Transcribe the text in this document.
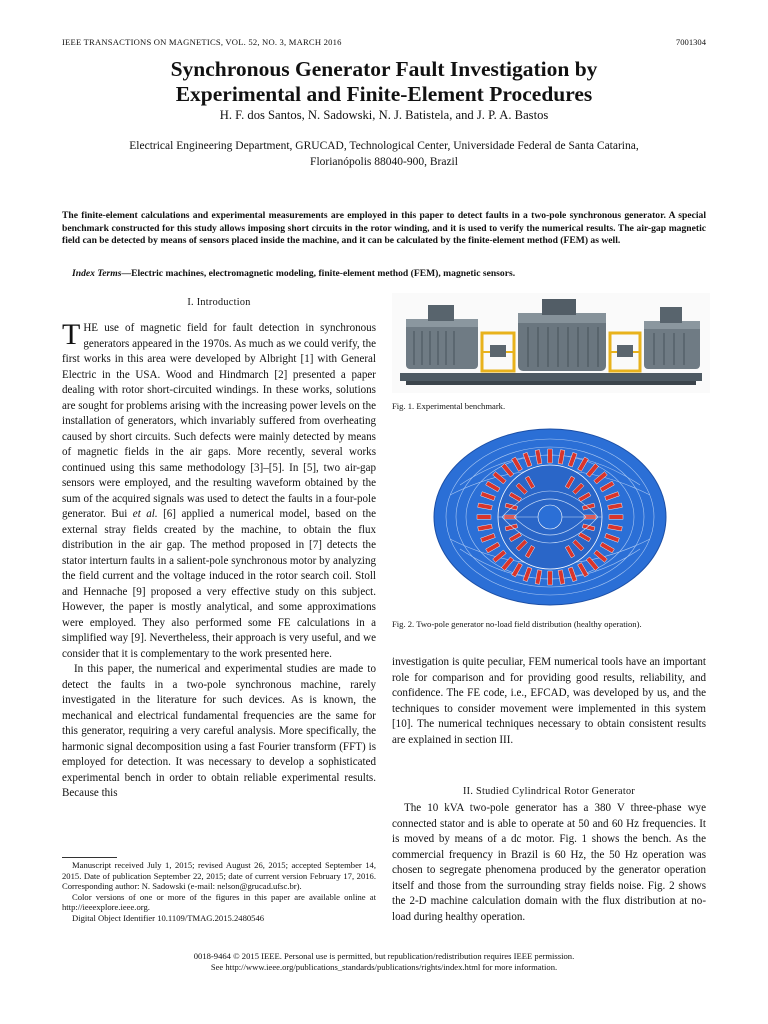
IEEE TRANSACTIONS ON MAGNETICS, VOL. 52, NO. 3, MARCH 2016	7001304
Synchronous Generator Fault Investigation by
Experimental and Finite-Element Procedures
H. F. dos Santos, N. Sadowski, N. J. Batistela, and J. P. A. Bastos
Electrical Engineering Department, GRUCAD, Technological Center, Universidade Federal de Santa Catarina,
Florianópolis 88040-900, Brazil
The finite-element calculations and experimental measurements are employed in this paper to detect faults in a two-pole synchronous generator. A special benchmark constructed for this study allows imposing short circuits in the rotor winding, and it is used to verify the numerical results. The air-gap magnetic field can be detected by means of sensors placed inside the machine, and it can be calculated by the finite-element method (FEM) as well.
Index Terms—Electric machines, electromagnetic modeling, finite-element method (FEM), magnetic sensors.
I. Introduction

THE use of magnetic field for fault detection in synchronous generators appeared in the 1970s. As much as we could verify, the first works in this area were developed by Albright [1] with General Electric in the USA. Wood and Hindmarch [2] presented a paper dealing with rotor short-circuited windings. In these works, solutions are sought for problems arising with the increasing power levels on the installation of generators, which invariably suffered from overheating caused by short circuits. Such defects were mainly detected by means of magnetic fields in the air gaps. More recently, several works continued using this same methodology [3]–[5]. In [5], two air-gap sensors were employed, and the resulting waveform obtained by the sum of the acquired signals was used to detect the faults in a four-pole generator. Bui et al. [6] applied a numerical model, based on the external stray fields created by the machine, to obtain the flux distribution in the air gap. The method proposed in [7] detects the stator interturn faults in a salient-pole synchronous motor by analyzing the field current and the voltage induced in the rotor search coil. Stoll and Hennache [9] proposed a very effective study on this subject. However, the paper is mostly analytical, and some approximations were employed. They also performed some FE calculations in a simplified way [9]. Nevertheless, their approach is very useful, and we consider that it is complementary to the work presented here.

In this paper, the numerical and experimental studies are made to detect the faults in a two-pole synchronous machine, rarely investigated in the literature for such devices. As is known, the mechanical and electrical fundamental frequencies are the same for this generator, requiring a very careful analysis. More specifically, the harmonic signal decomposition using a fast Fourier transform (FFT) is employed for detection. It was necessary to develop a sophisticated experimental bench in order to obtain reliable experimental results. Because this

Manuscript received July 1, 2015; revised August 26, 2015; accepted September 14, 2015. Date of publication September 22, 2015; date of current version February 17, 2016. Corresponding author: N. Sadowski (e-mail: nelson@grucad.ufsc.br).

Color versions of one or more of the figures in this paper are available online at http://ieeexplore.ieee.org.

Digital Object Identifier 10.1109/TMAG.2015.2480546

Fig. 1. Experimental benchmark.
Fig. 2. Two-pole generator no-load field distribution (healthy operation).

investigation is quite peculiar, FEM numerical tools have an important role for comparison and for providing good results, reliability, and confidence. The FE code, i.e., EFCAD, was developed by us, and the techniques to consider movement were implemented in this system [10]. The numerical techniques necessary to obtain consistent results are explained in section III.

II. Studied Cylindrical Rotor Generator

The 10 kVA two-pole generator has a 380 V three-phase wye connected stator and is able to operate at 50 and 60 Hz frequencies. It is moved by means of a dc motor. Fig. 1 shows the bench. As the commercial frequency in Brazil is 60 Hz, the 50 Hz operation was chosen to segregate phenomena produced by the generator operation itself and those from the surrounding stray fields noise. Fig. 2 shows the 2-D machine calculation domain with the flux distribution at no-load during healthy operation.

0018-9464 © 2015 IEEE. Personal use is permitted, but republication/redistribution requires IEEE permission.
See http://www.ieee.org/publications_standards/publications/rights/index.html for more information.
